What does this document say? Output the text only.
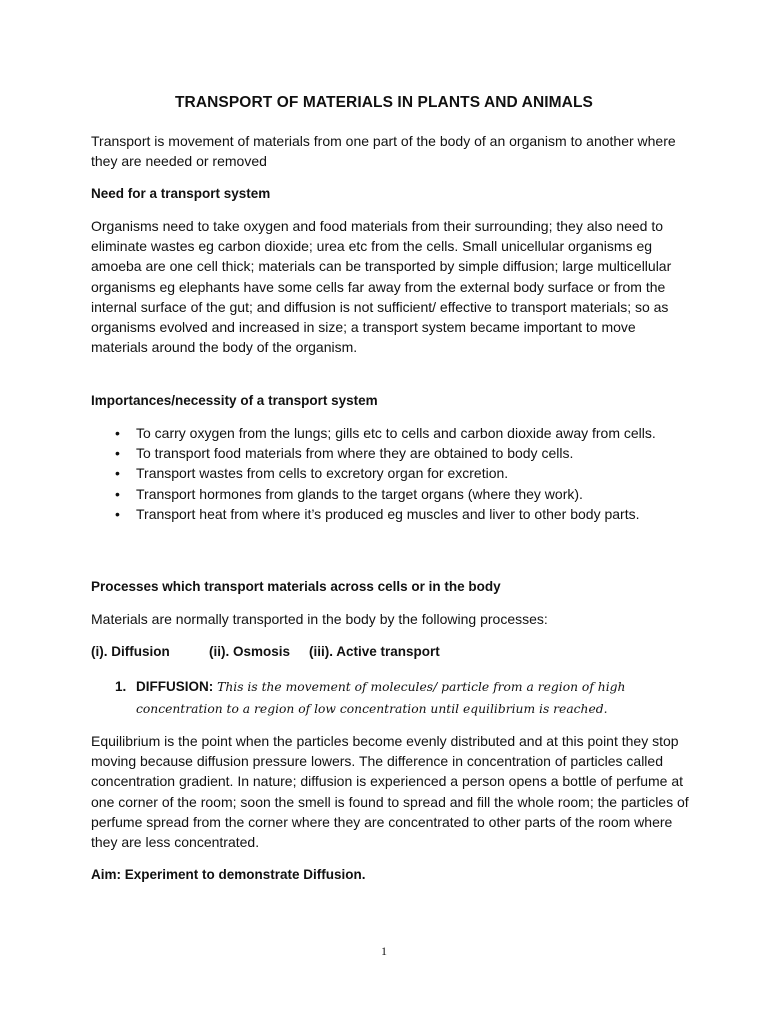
TRANSPORT OF MATERIALS IN PLANTS AND ANIMALS
Transport is movement of materials from one part of the body of an organism to another where they are needed or removed
Need for a transport system
Organisms need to take oxygen and food materials from their surrounding; they also need to eliminate wastes eg carbon dioxide; urea etc from the cells. Small unicellular organisms eg amoeba are one cell thick; materials can be transported by simple diffusion; large multicellular organisms eg elephants have some cells far away from the external body surface or from the internal surface of the gut; and diffusion is not sufficient/ effective to transport materials; so as organisms evolved and increased in size; a transport system became important to move materials around the body of the organism.
Importances/necessity of a transport system
• To carry oxygen from the lungs; gills etc to cells and carbon dioxide away from cells.
• To transport food materials from where they are obtained to body cells.
• Transport wastes from cells to excretory organ for excretion.
• Transport hormones from glands to the target organs (where they work).
• Transport heat from where it’s produced eg muscles and liver to other body parts.
Processes which transport materials across cells or in the body
Materials are normally transported in the body by the following processes:
(i). Diffusion	(ii). Osmosis (iii). Active transport
1. DIFFUSION: This is the movement of molecules/ particle from a region of high concentration to a region of low concentration until equilibrium is reached.
Equilibrium is the point when the particles become evenly distributed and at this point they stop moving because diffusion pressure lowers. The difference in concentration of particles called concentration gradient. In nature; diffusion is experienced a person opens a bottle of perfume at one corner of the room; soon the smell is found to spread and fill the whole room; the particles of perfume spread from the corner where they are concentrated to other parts of the room where they are less concentrated.
Aim: Experiment to demonstrate Diffusion.
1
